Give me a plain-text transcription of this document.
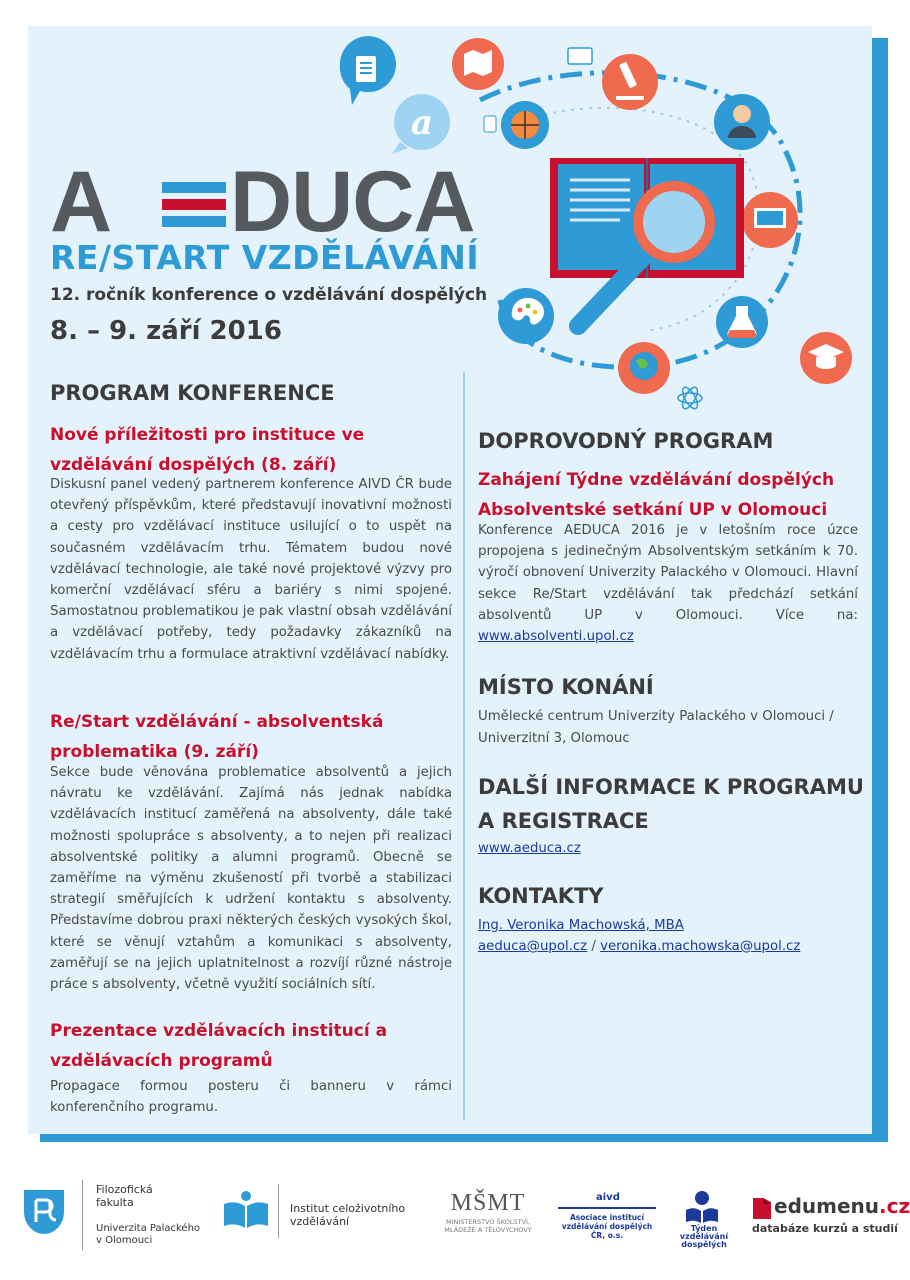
a
A DUCA
RE/START VZDĚLÁVÁNÍ
12. ročník konference o vzdělávání dospělých
8. – 9. září 2016
PROGRAM KONFERENCE
Nové příležitosti pro instituce ve
vzdělávání dospělých (8. září)

Diskusní panel vedený partnerem konference AIVD ČR bude otevřený příspěvkům, které představují inovativní možnosti a cesty pro vzdělávací instituce usilující o to uspět na současném vzdělávacím trhu. Tématem budou nové vzdělávací technologie, ale také nové projektové výzvy pro komerční vzdělávací sféru a bariéry s nimi spojené. Samostatnou problematikou je pak vlastní obsah vzdělávání a vzdělávací potřeby, tedy požadavky zákazníků na vzdělávacím trhu a formulace atraktivní vzdělávací nabídky.

Re/Start vzdělávání - absolventská
problematika (9. září)

Sekce bude věnována problematice absolventů a jejich návratu ke vzdělávání. Zajímá nás jednak nabídka vzdělávacích institucí zaměřená na absolventy, dále také možnosti spolupráce s absolventy, a to nejen při realizaci absolventské politiky a alumni programů. Obecně se zaměříme na výměnu zkušeností při tvorbě a stabilizaci strategií směřujících k udržení kontaktu s absolventy. Představíme dobrou praxi některých českých vysokých škol, které se věnují vztahům a komunikaci s absolventy, zaměřují se na jejich uplatnitelnost a rozvíjí různé nástroje práce s absolventy, včetně využití sociálních sítí.

Prezentace vzdělávacích institucí a
vzdělávacích programů

Propagace formou posteru či banneru v rámci konferenčního programu.

DOPROVODNÝ PROGRAM
Zahájení Týdne vzdělávání dospělých
Absolventské setkání UP v Olomouci

Konference AEDUCA 2016 je v letošním roce úzce propojena s jedinečným Absolventským setkáním k 70. výročí obnovení Univerzity Palackého v Olomouci. Hlavní sekce Re/Start vzdělávání tak předchází setkání absolventů UP v Olomouci. Více na: www.absolventi.upol.cz

MÍSTO KONÁNÍ

Umělecké centrum Univerzity Palackého v Olomouci /

Univerzitní 3, Olomouc

DALŠÍ INFORMACE K PROGRAMU
A REGISTRACE

www.aeduca.cz

KONTAKTY

Ing. Veronika Machowská, MBA

aeduca@upol.cz / veronika.machowska@upol.cz

Filozofická
fakulta
Univerzita Palackého
v Olomouci
Institut celoživotního
vzdělávání
MŠMT
MINISTERSTVO ŠKOLSTVÍ,
MLÁDEŽE A TĚLOVÝCHOVY
aivd
Asociace institucí
vzdělávání dospělých ČR, o.s.
Týden
vzdělávání
dospělých
edumenu.cz
databáze kurzů a studií
